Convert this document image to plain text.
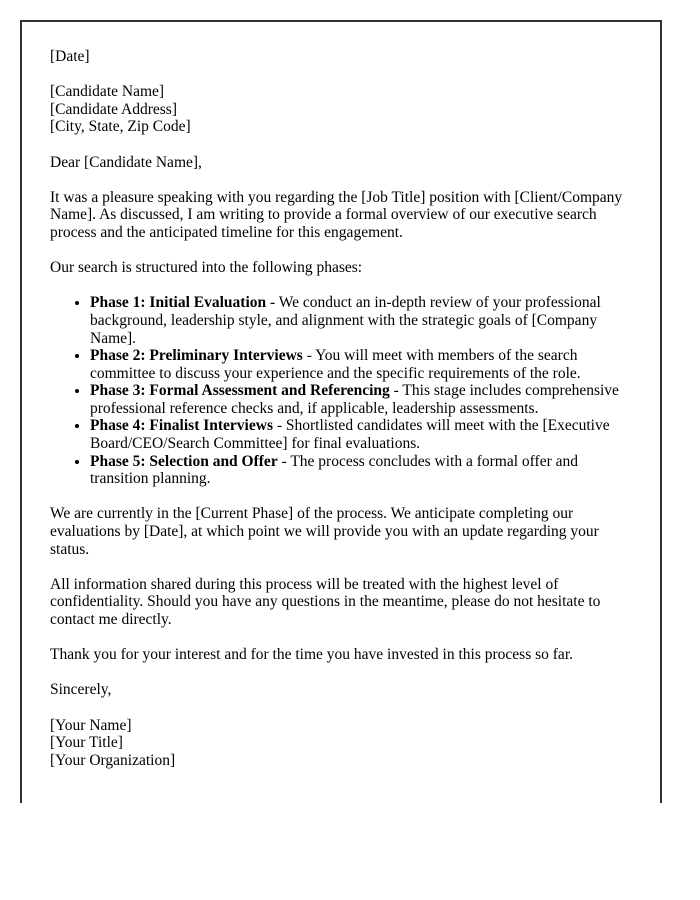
[Date]

[Candidate Name]

[Candidate Address]

[City, State, Zip Code]

Dear [Candidate Name],

It was a pleasure speaking with you regarding the [Job Title] position with [Client/Company Name]. As discussed, I am writing to provide a formal overview of our executive search process and the anticipated timeline for this engagement.

Our search is structured into the following phases:

• Phase 1: Initial Evaluation - We conduct an in-depth review of your professional background, leadership style, and alignment with the strategic goals of [Company Name].
• Phase 2: Preliminary Interviews - You will meet with members of the search committee to discuss your experience and the specific requirements of the role.
• Phase 3: Formal Assessment and Referencing - This stage includes comprehensive professional reference checks and, if applicable, leadership assessments.
• Phase 4: Finalist Interviews - Shortlisted candidates will meet with the [Executive Board/CEO/Search Committee] for final evaluations.
• Phase 5: Selection and Offer - The process concludes with a formal offer and transition planning.

We are currently in the [Current Phase] of the process. We anticipate completing our evaluations by [Date], at which point we will provide you with an update regarding your status.

All information shared during this process will be treated with the highest level of confidentiality. Should you have any questions in the meantime, please do not hesitate to contact me directly.

Thank you for your interest and for the time you have invested in this process so far.

Sincerely,

[Your Name]

[Your Title]

[Your Organization]
